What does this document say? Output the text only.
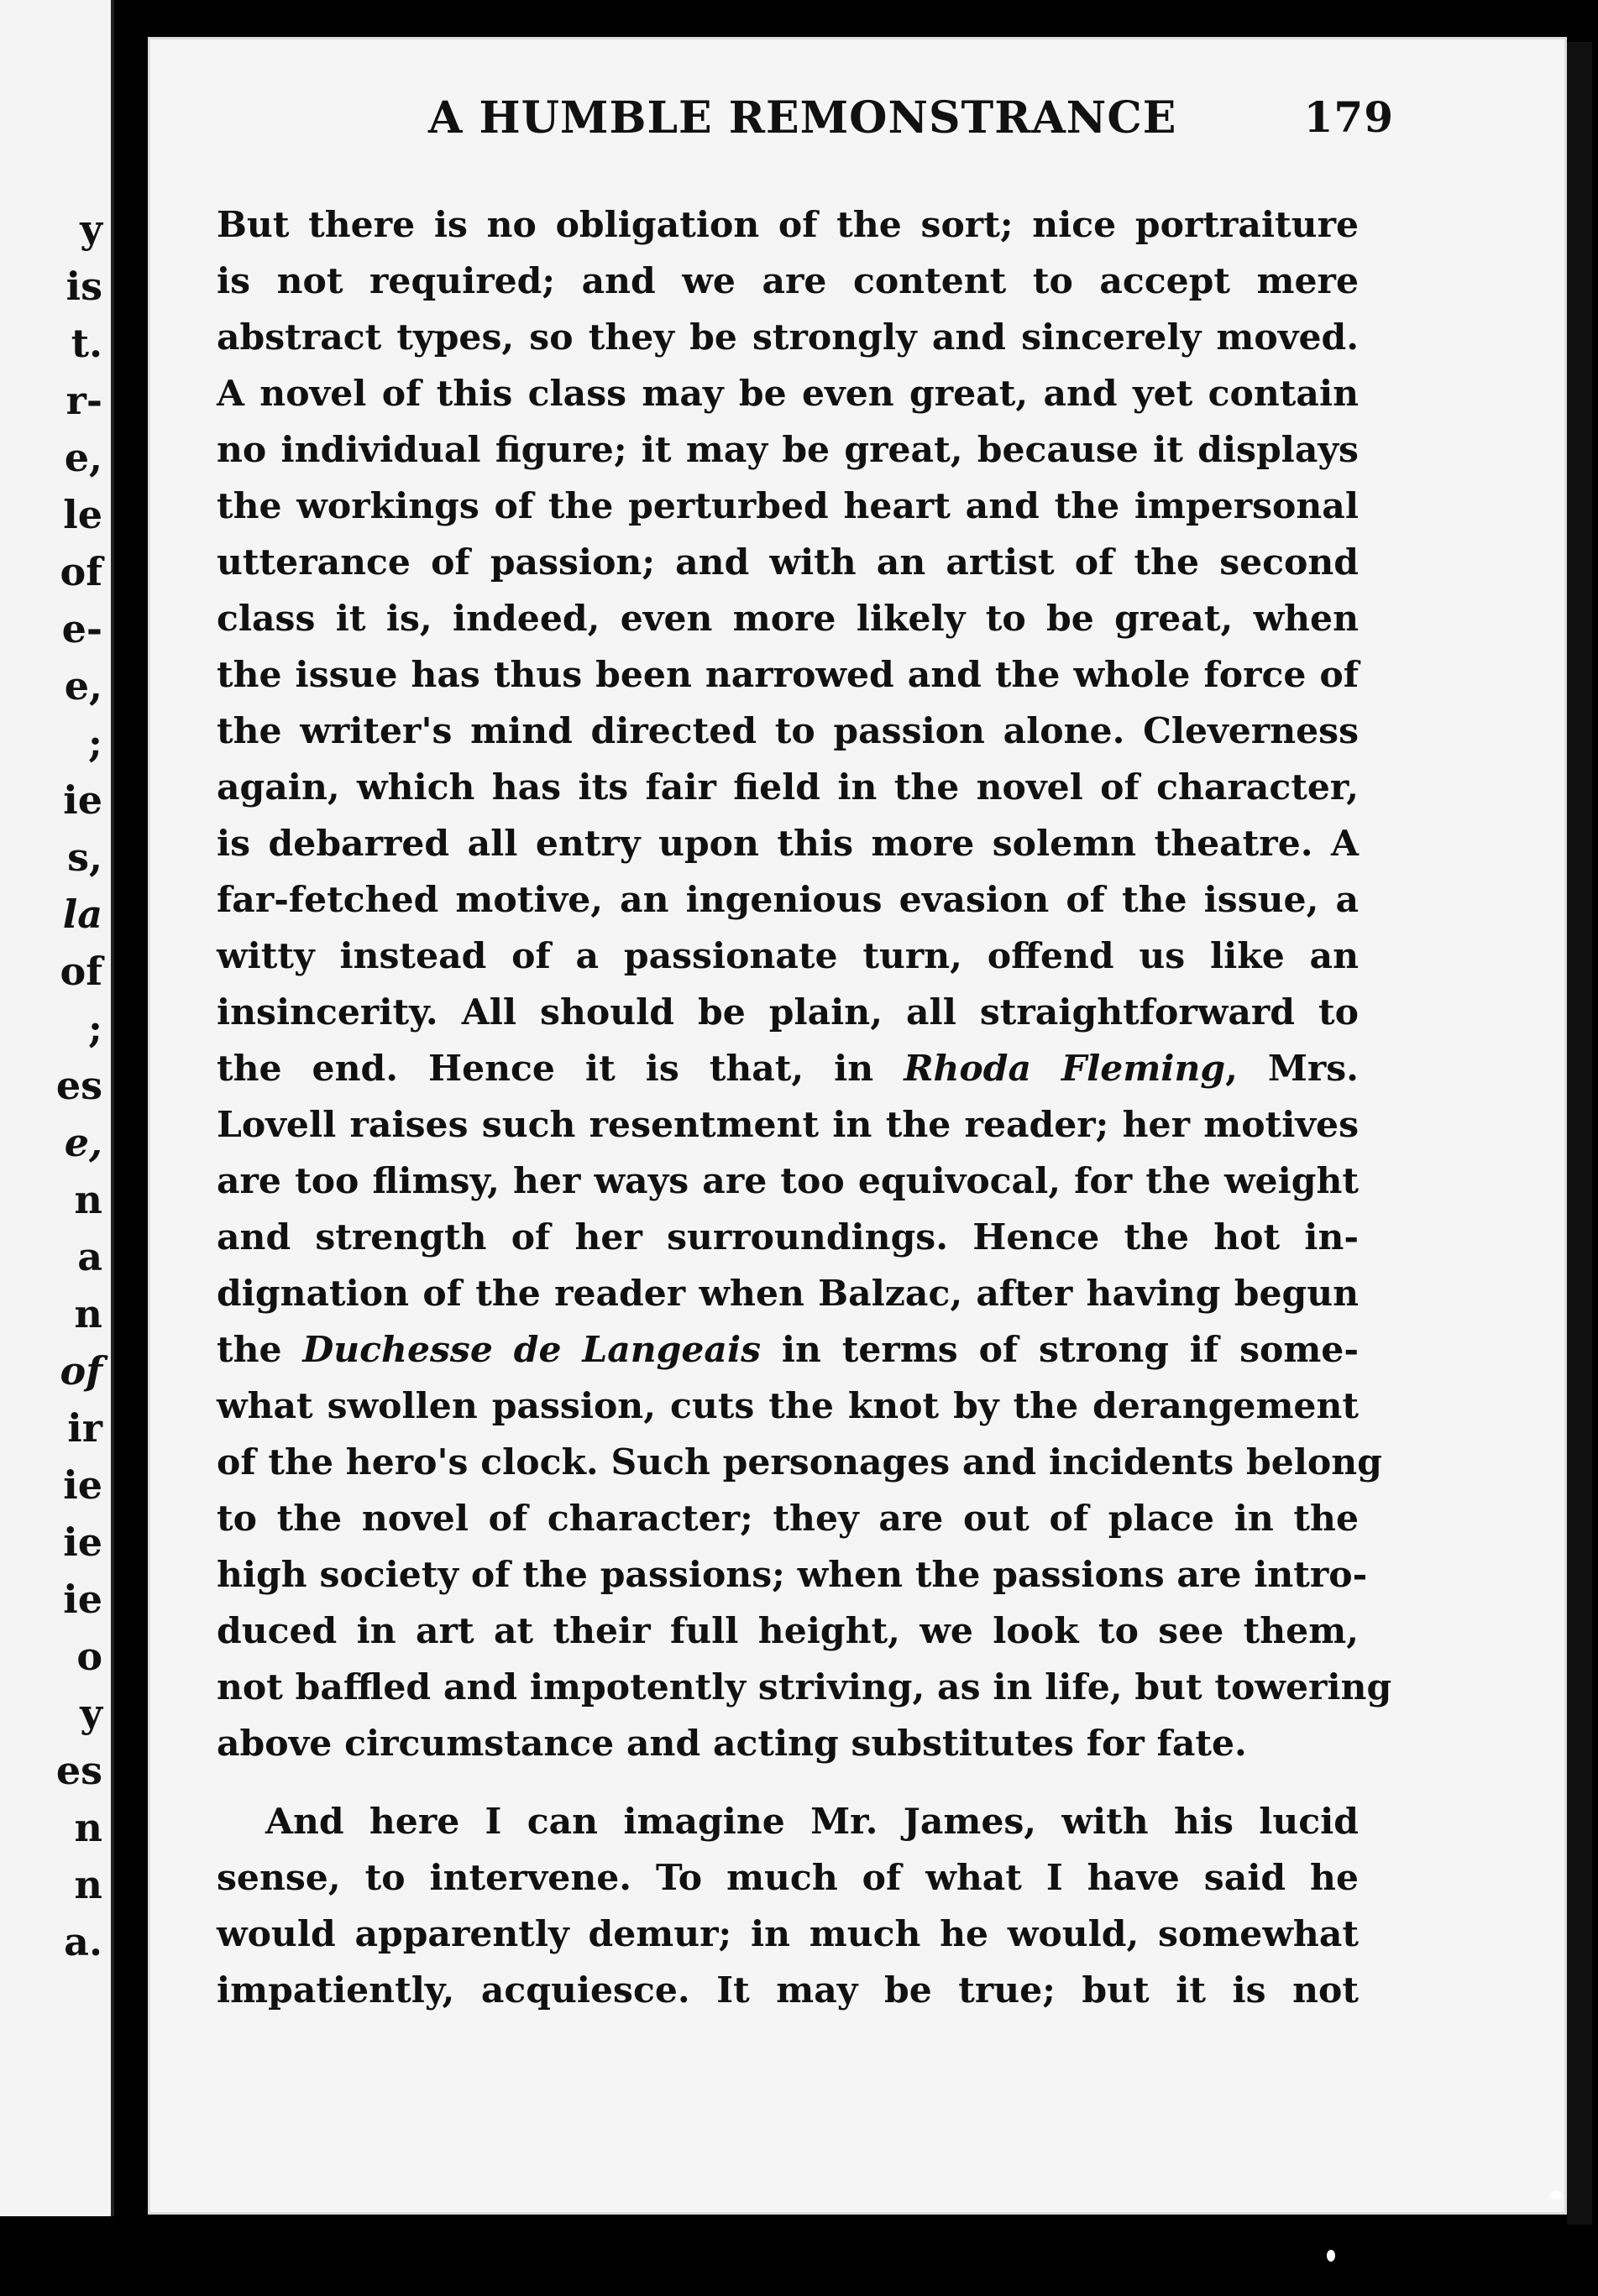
y
is
t.
r-
e,
le
of
e-
e,
;
ie
s,
la
of
;
es
e,
n
a
n
of
ir
ie
ie
ie
o
y
es
n
n
a.
A HUMBLE REMONSTRANCE	179
But there is no obligation of the sort; nice portraiture
is not required; and we are content to accept mere
abstract types, so they be strongly and sincerely moved.
A novel of this class may be even great, and yet contain
no individual figure; it may be great, because it displays
the workings of the perturbed heart and the impersonal
utterance of passion; and with an artist of the second
class it is, indeed, even more likely to be great, when
the issue has thus been narrowed and the whole force of
the writer's mind directed to passion alone. Cleverness
again, which has its fair field in the novel of character,
is debarred all entry upon this more solemn theatre. A
far-fetched motive, an ingenious evasion of the issue, a
witty instead of a passionate turn, offend us like an
insincerity. All should be plain, all straightforward to
the end. Hence it is that, in Rhoda Fleming, Mrs.
Lovell raises such resentment in the reader; her motives
are too flimsy, her ways are too equivocal, for the weight
and strength of her surroundings. Hence the hot in-
dignation of the reader when Balzac, after having begun
the Duchesse de Langeais in terms of strong if some-
what swollen passion, cuts the knot by the derangement
of the hero's clock. Such personages and incidents belong
to the novel of character; they are out of place in the
high society of the passions; when the passions are intro-
duced in art at their full height, we look to see them,
not baffled and impotently striving, as in life, but towering
above circumstance and acting substitutes for fate.
And here I can imagine Mr. James, with his lucid
sense, to intervene. To much of what I have said he
would apparently demur; in much he would, somewhat
impatiently, acquiesce. It may be true; but it is not
